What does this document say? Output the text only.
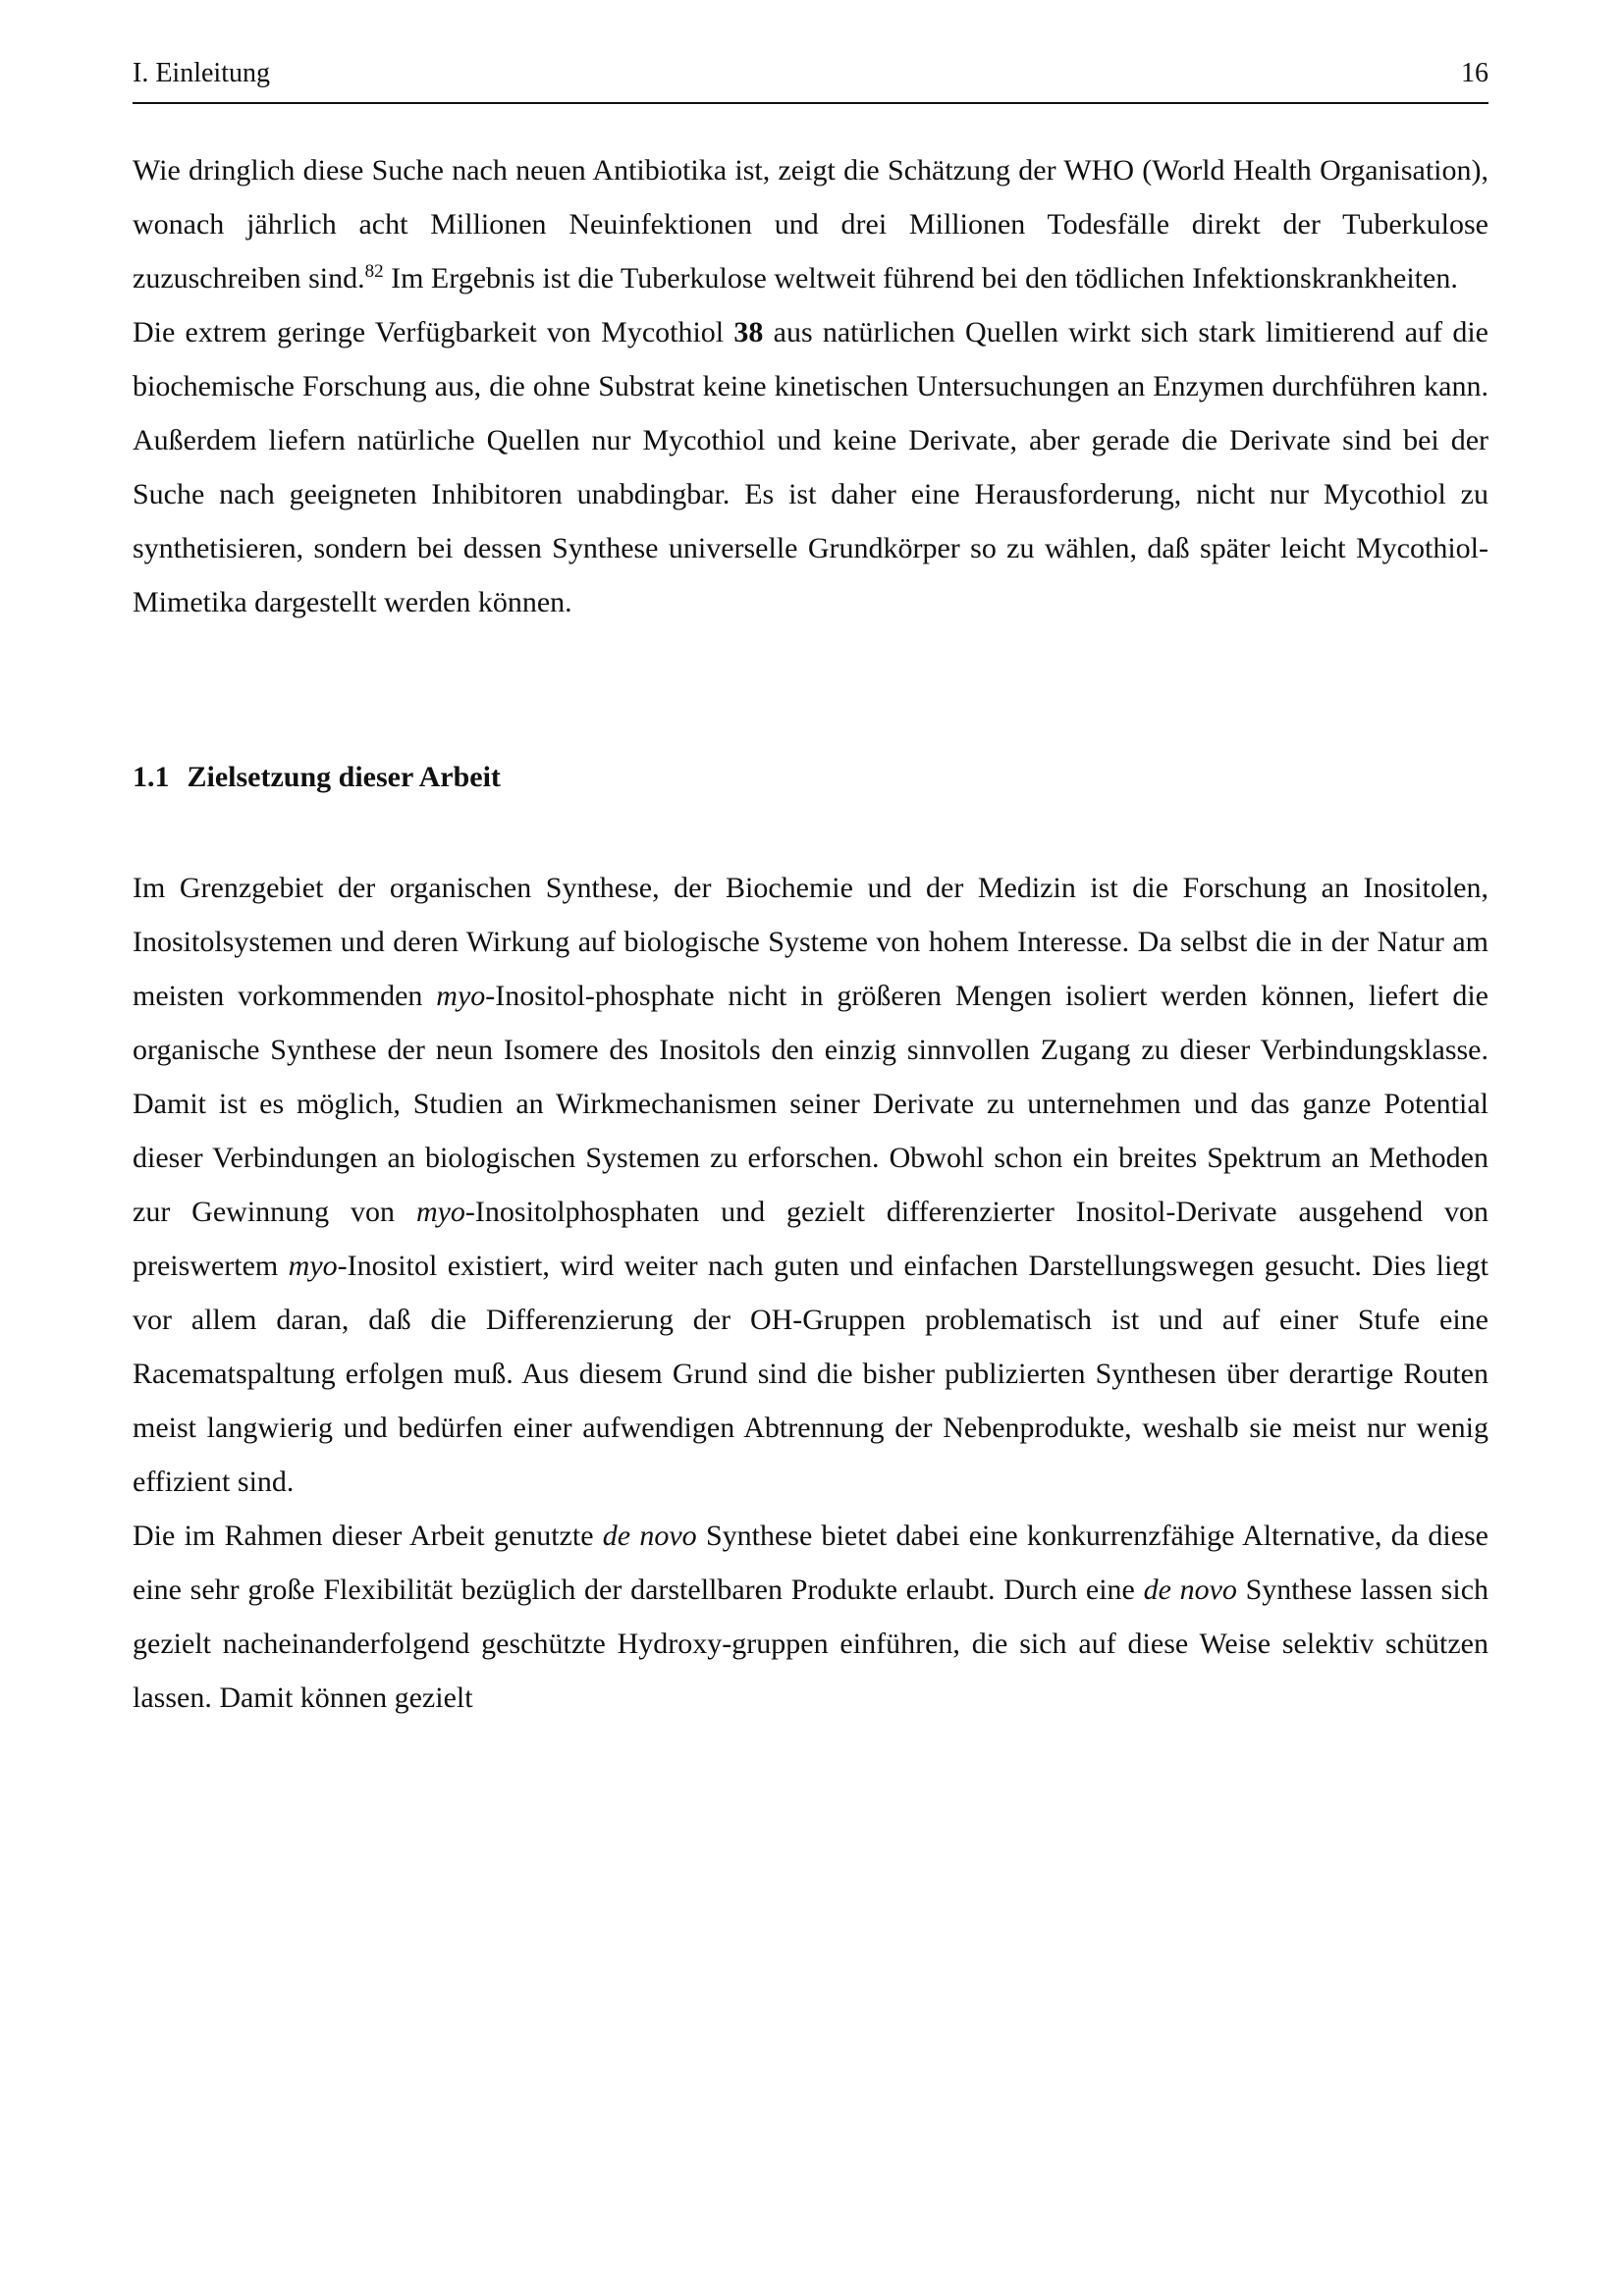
I. Einleitung	16

Wie dringlich diese Suche nach neuen Antibiotika ist, zeigt die Schätzung der WHO (World Health Organisation), wonach jährlich acht Millionen Neuinfektionen und drei Millionen Todesfälle direkt der Tuberkulose zuzuschreiben sind.$^{82}$ Im Ergebnis ist die Tuberkulose weltweit führend bei den tödlichen Infektionskrankheiten.

Die extrem geringe Verfügbarkeit von Mycothiol 38 aus natürlichen Quellen wirkt sich stark limitierend auf die biochemische Forschung aus, die ohne Substrat keine kinetischen Untersuchungen an Enzymen durchführen kann. Außerdem liefern natürliche Quellen nur Mycothiol und keine Derivate, aber gerade die Derivate sind bei der Suche nach geeigneten Inhibitoren unabdingbar. Es ist daher eine Herausforderung, nicht nur Mycothiol zu synthetisieren, sondern bei dessen Synthese universelle Grundkörper so zu wählen, daß später leicht Mycothiol-Mimetika dargestellt werden können.

1.1 Zielsetzung dieser Arbeit

Im Grenzgebiet der organischen Synthese, der Biochemie und der Medizin ist die Forschung an Inositolen, Inositolsystemen und deren Wirkung auf biologische Systeme von hohem Interesse. Da selbst die in der Natur am meisten vorkommenden myo-Inositol-phosphate nicht in größeren Mengen isoliert werden können, liefert die organische Synthese der neun Isomere des Inositols den einzig sinnvollen Zugang zu dieser Verbindungsklasse. Damit ist es möglich, Studien an Wirkmechanismen seiner Derivate zu unternehmen und das ganze Potential dieser Verbindungen an biologischen Systemen zu erforschen. Obwohl schon ein breites Spektrum an Methoden zur Gewinnung von myo-Inositolphosphaten und gezielt differenzierter Inositol-Derivate ausgehend von preiswertem myo-Inositol existiert, wird weiter nach guten und einfachen Darstellungswegen gesucht. Dies liegt vor allem daran, daß die Differenzierung der OH-Gruppen problematisch ist und auf einer Stufe eine Racematspaltung erfolgen muß. Aus diesem Grund sind die bisher publizierten Synthesen über derartige Routen meist langwierig und bedürfen einer aufwendigen Abtrennung der Nebenprodukte, weshalb sie meist nur wenig effizient sind.

Die im Rahmen dieser Arbeit genutzte de novo Synthese bietet dabei eine konkurrenzfähige Alternative, da diese eine sehr große Flexibilität bezüglich der darstellbaren Produkte erlaubt. Durch eine de novo Synthese lassen sich gezielt nacheinanderfolgend geschützte Hydroxy-gruppen einführen, die sich auf diese Weise selektiv schützen lassen. Damit können gezielt
